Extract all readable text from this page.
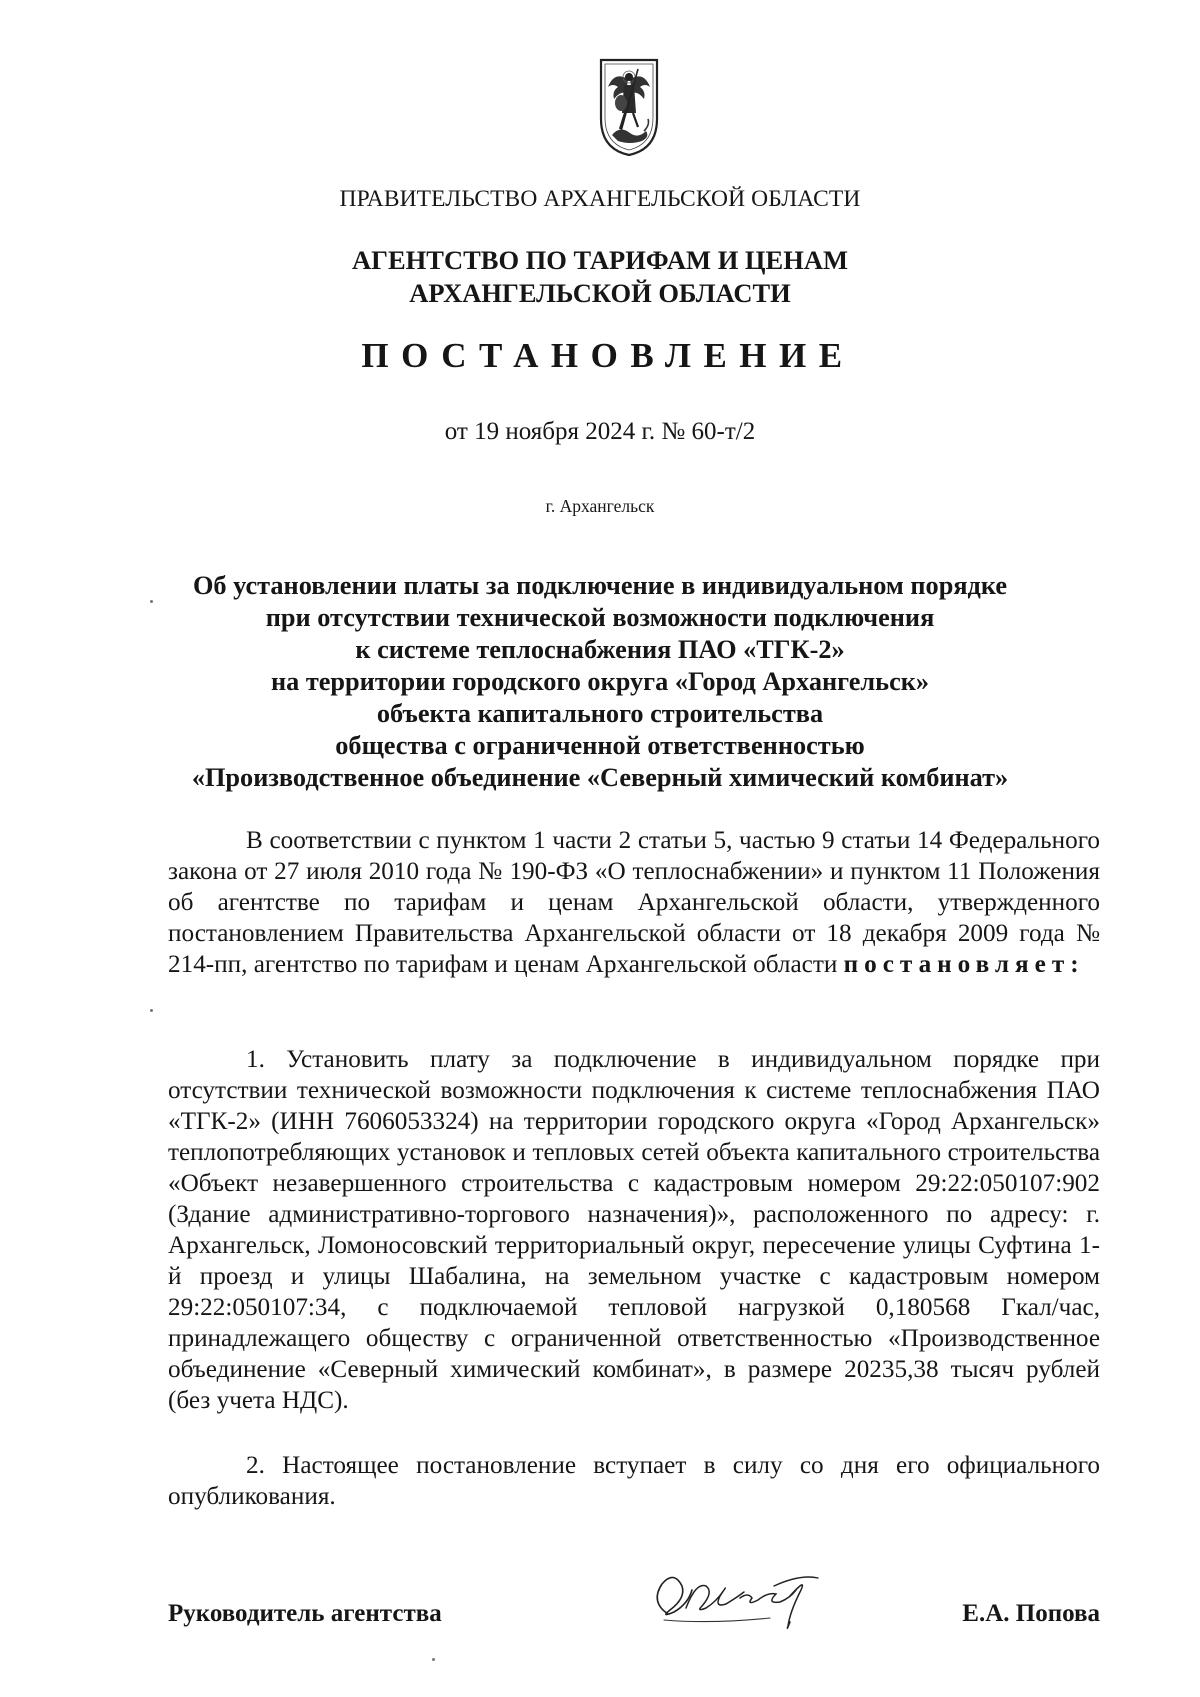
ПРАВИТЕЛЬСТВО АРХАНГЕЛЬСКОЙ ОБЛАСТИ
АГЕНТСТВО ПО ТАРИФАМ И ЦЕНАМ
АРХАНГЕЛЬСКОЙ ОБЛАСТИ
ПОСТАНОВЛЕНИЕ
от 19 ноября 2024 г. № 60-т/2
г. Архангельск
Об установлении платы за подключение в индивидуальном порядке
при отсутствии технической возможности подключения
к системе теплоснабжения ПАО «ТГК-2»
на территории городского округа «Город Архангельск»
объекта капитального строительства
общества с ограниченной ответственностью
«Производственное объединение «Северный химический комбинат»
В соответствии с пунктом 1 части 2 статьи 5, частью 9 статьи 14 Федерального закона от 27 июля 2010 года № 190-ФЗ «О теплоснабжении» и пунктом 11 Положения об агентстве по тарифам и ценам Архангельской области, утвержденного постановлением Правительства Архангельской области от 18 декабря 2009 года № 214-пп, агентство по тарифам и ценам Архангельской области постановляет:
1. Установить плату за подключение в индивидуальном порядке при отсутствии технической возможности подключения к системе теплоснабжения ПАО «ТГК-2» (ИНН 7606053324) на территории городского округа «Город Архангельск» теплопотребляющих установок и тепловых сетей объекта капитального строительства «Объект незавершенного строительства с кадастровым номером 29:22:050107:902 (Здание административно-торгового назначения)», расположенного по адресу: г. Архангельск, Ломоносовский территориальный округ, пересечение улицы Суфтина 1-й проезд и улицы Шабалина, на земельном участке с кадастровым номером 29:22:050107:34, с подключаемой тепловой нагрузкой 0,180568 Гкал/час, принадлежащего обществу с ограниченной ответственностью «Производственное объединение «Северный химический комбинат», в размере 20235,38 тысяч рублей (без учета НДС).
2. Настоящее постановление вступает в силу со дня его официального опубликования.
Руководитель агентства	Е.А. Попова
